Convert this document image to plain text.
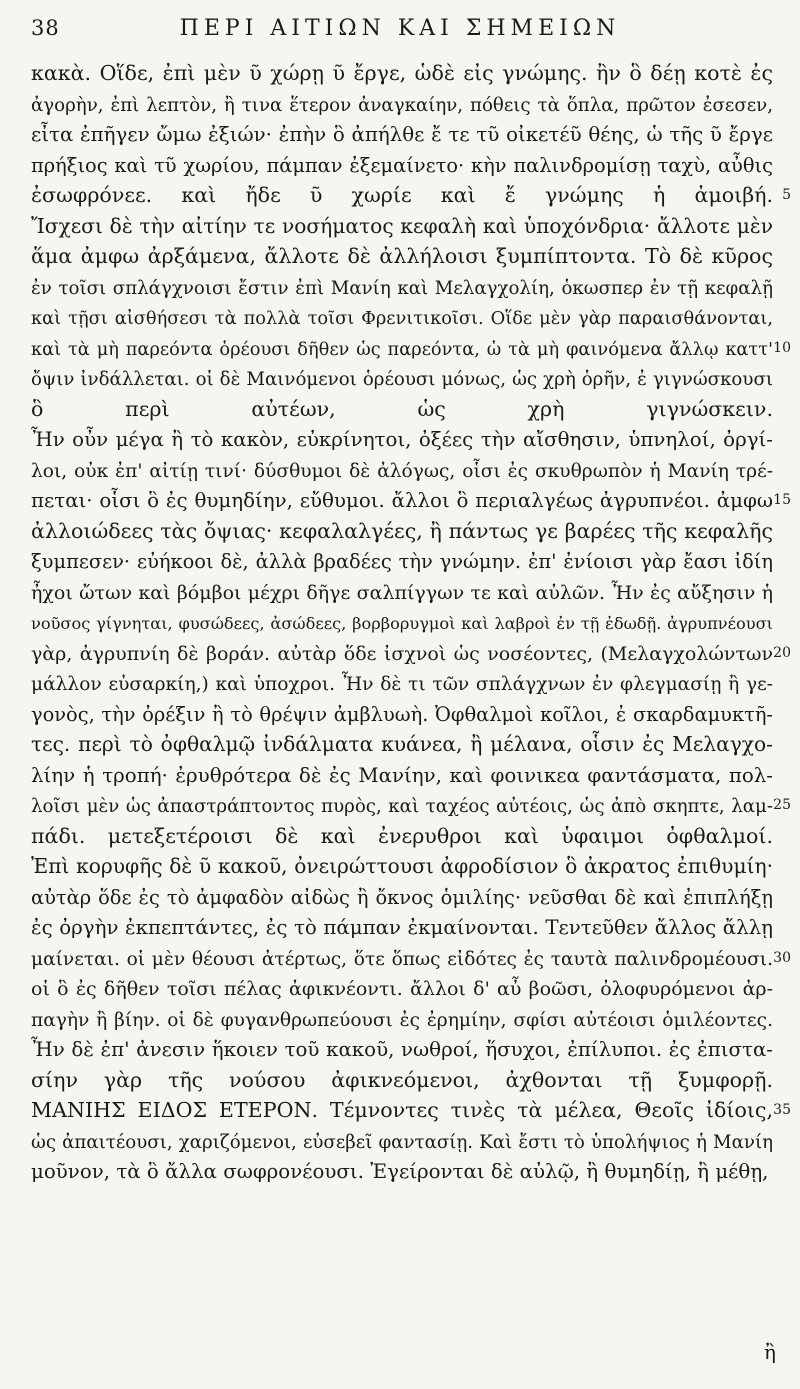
38	ΠΕΡΙ ΑΙΤΙΩΝ ΚΑΙ ΣΗΜΕΙΩΝ
κακὰ. Οἵδε, ἐπὶ μὲν ῦ χώρῃ ῦ ἔργε, ὡδὲ εἰς γνώμης. ἢν ὃ δέῃ κοτὲ ἐς
ἀγορὴν, ἐπὶ λεπτὸν, ἢ τινα ἕτερον ἀναγκαίην, πόθεις τὰ ὅπλα, πρῶτον ἐσεσεν,
εἶτα ἐπῆγεν ὤμω ἐξιών· ἐπὴν ὃ ἀπήλθε ἔ τε τῦ οἰκετέῦ θέης, ὡ τῆς ῦ ἔργε
πρήξιος καὶ τῦ χωρίου, πάμπαν ἐξεμαίνετο· κὴν παλινδρομίσῃ ταχὺ, αὖθις
ἐσωφρόνεε. καὶ ἤδε ῦ χωρίε καὶ ἔ γνώμης ἡ ἀμοιβή. 5
Ἴσχεσι δὲ τὴν αἰτίην τε νοσήματος κεφαλὴ καὶ ὑποχόνδρια· ἄλλοτε μὲν
ἅμα ἀμφω ἀρξάμενα, ἄλλοτε δὲ ἀλλήλοισι ξυμπίπτοντα. Τὸ δὲ κῦρος
ἐν τοῖσι σπλάγχνοισι ἔστιν ἐπὶ Μανίη καὶ Μελαγχολίη, ὁκωσπερ ἐν τῇ κεφαλῇ
καὶ τῇσι αἰσθήσεσι τὰ πολλὰ τοῖσι Φρενιτικοῖσι. Οἵδε μὲν γὰρ παραισθάνονται,
καὶ τὰ μὴ παρεόντα ὁρέουσι δῆθεν ὡς παρεόντα, ὡ τὰ μὴ φαινόμενα ἄλλῳ καττ' 10
ὄψιν ἰνδάλλεται. οἱ δὲ Μαινόμενοι ὁρέουσι μόνως, ὡς χρὴ ὁρῆν, ἐ γιγνώσκουσι
ὃ περὶ αὐτέων, ὡς χρὴ γιγνώσκειν.
Ἦν οὖν μέγα ἢ τὸ κακὸν, εὐκρίνητοι, ὀξέες τὴν αἴσθησιν, ὑπνηλοί, ὀργί-
λοι, οὐκ ἐπ' αἰτίῃ τινί· δύσθυμοι δὲ ἀλόγως, οἷσι ἐς σκυθρωπὸν ἡ Μανίη τρέ-
πεται· οἷσι ὃ ἐς θυμηδίην, εὔθυμοι. ἄλλοι ὃ περιαλγέως ἀγρυπνέοι. ἀμφω 15
ἀλλοιώδεες τὰς ὄψιας· κεφαλαλγέες, ἢ πάντως γε βαρέες τῆς κεφαλῆς
ξυμπεσεν· εὐήκοοι δὲ, ἀλλὰ βραδέες τὴν γνώμην. ἐπ' ἐνίοισι γὰρ ἔασι ἰδίη
ἦχοι ὤτων καὶ βόμβοι μέχρι δῆγε σαλπίγγων τε καὶ αὐλῶν. Ἦν ἐς αὔξησιν ἡ
νοῦσος γίγνηται, φυσώδεες, ἀσώδεες, βορβορυγμοὶ καὶ λαβροὶ ἐν τῇ ἐδωδῇ. ἀγρυπνέουσι
γὰρ, ἀγρυπνίη δὲ βοράν. αὐτὰρ ὅδε ἰσχνοὶ ὡς νοσέοντες, (Μελαγχολώντων 20
μάλλον εὐσαρκίη,) καὶ ὑποχροι. Ἦν δὲ τι τῶν σπλάγχνων ἐν φλεγμασίῃ ἢ γε-
γονὸς, τὴν ὀρέξιν ἢ τὸ θρέψιν ἀμβλυωὴ. Ὀφθαλμοὶ κοῖλοι, ἐ σκαρδαμυκτῆ-
τες. περὶ τὸ ὀφθαλμῷ ἰνδάλματα κυάνεα, ἢ μέλανα, οἷσιν ἐς Μελαγχο-
λίην ἡ τροπή· ἐρυθρότερα δὲ ἐς Μανίην, καὶ φοινικεα φαντάσματα, πολ-
λοῖσι μὲν ὡς ἀπαστράπτοντος πυρὸς, καὶ ταχέος αὐτέοις, ὡς ἀπὸ σκηπτε, λαμ- 25
πάδι. μετεξετέροισι δὲ καὶ ἐνερυθροι καὶ ὑφαιμοι ὀφθαλμοί.
Ἐπὶ κορυφῆς δὲ ῦ κακοῦ, ὀνειρώττουσι ἀφροδίσιον ὃ ἀκρατος ἐπιθυμίη·
αὐτὰρ ὅδε ἐς τὸ ἀμφαδὸν αἰδὼς ἢ ὄκνος ὁμιλίης· νεῦσθαι δὲ καὶ ἐπιπλήξῃ
ἐς ὀργὴν ἐκπεπτάντες, ἐς τὸ πάμπαν ἐκμαίνονται. Τεντεῦθεν ἄλλος ἄλλῃ
μαίνεται. οἱ μὲν θέουσι ἀτέρτως, ὅτε ὅπως εἰδότες ἐς ταυτὰ παλινδρομέουσι. 30
οἱ ὃ ἐς δῆθεν τοῖσι πέλας ἀφικνέοντι. ἄλλοι δ' αὖ βοῶσι, ὀλοφυρόμενοι ἀρ-
παγὴν ἢ βίην. οἱ δὲ φυγανθρωπεύουσι ἐς ἐρημίην, σφίσι αὐτέοισι ὁμιλέοντες.
Ἦν δὲ ἐπ' ἀνεσιν ἥκοιεν τοῦ κακοῦ, νωθροί, ἥσυχοι, ἐπίλυποι. ἐς ἐπιστα-
σίην γὰρ τῆς νούσου ἀφικνεόμενοι, ἀχθονται τῇ ξυμφορῇ.
ΜΑΝΙΗΣ ΕΙΔΟΣ ΕΤΕΡΟΝ. Τέμνοντες τινὲς τὰ μέλεα, Θεοῖς ἰδίοις, 35
ὡς ἀπαιτέουσι, χαριζόμενοι, εὐσεβεῖ φαντασίῃ. Καὶ ἔστι τὸ ὑπολήψιος ἡ Μανίη
μοῦνον, τὰ ὃ ἄλλα σωφρονέουσι. Ἐγείρονται δὲ αὐλῷ, ἢ θυμηδίῃ, ἢ μέθῃ,
ἢ
